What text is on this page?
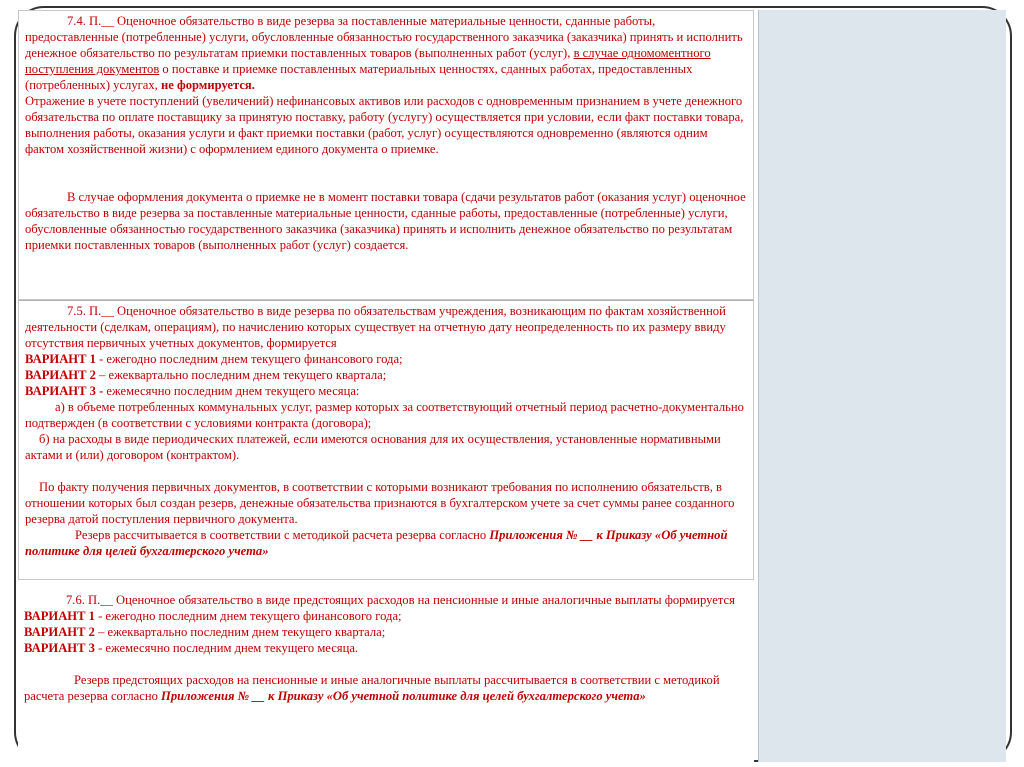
7.4. П.__ Оценочное обязательство в виде резерва за поставленные материальные ценности, сданные работы, предоставленные (потребленные) услуги, обусловленные обязанностью государственного заказчика (заказчика) принять и исполнить денежное обязательство по результатам приемки поставленных товаров (выполненных работ (услуг), в случае одномоментного поступления документов о поставке и приемке поставленных материальных ценностях, сданных работах, предоставленных (потребленных) услугах, не формируется.

Отражение в учете поступлений (увеличений) нефинансовых активов или расходов с одновременным признанием в учете денежного обязательства по оплате поставщику за принятую поставку, работу (услугу) осуществляется при условии, если факт поставки товара, выполнения работы, оказания услуги и факт приемки поставки (работ, услуг) осуществляются одновременно (являются одним фактом хозяйственной жизни) с оформлением единого документа о приемке.

В случае оформления документа о приемке не в момент поставки товара (сдачи результатов работ (оказания услуг) оценочное обязательство в виде резерва за поставленные материальные ценности, сданные работы, предоставленные (потребленные) услуги, обусловленные обязанностью государственного заказчика (заказчика) принять и исполнить денежное обязательство по результатам приемки поставленных товаров (выполненных работ (услуг) создается.

7.5. П.__ Оценочное обязательство в виде резерва по обязательствам учреждения, возникающим по фактам хозяйственной деятельности (сделкам, операциям), по начислению которых существует на отчетную дату неопределенность по их размеру ввиду отсутствия первичных учетных документов, формируется

ВАРИАНТ 1 - ежегодно последним днем текущего финансового года;

ВАРИАНТ 2 – ежеквартально последним днем текущего квартала;

ВАРИАНТ 3 - ежемесячно последним днем текущего месяца:

а) в объеме потребленных коммунальных услуг, размер которых за соответствующий отчетный период расчетно-документально подтвержден (в соответствии с условиями контракта (договора);

б) на расходы в виде периодических платежей, если имеются основания для их осуществления, установленные нормативными актами и (или) договором (контрактом).

По факту получения первичных документов, в соответствии с которыми возникают требования по исполнению обязательств, в отношении которых был создан резерв, денежные обязательства признаются в бухгалтерском учете за счет суммы ранее созданного резерва датой поступления первичного документа.

Резерв рассчитывается в соответствии с методикой расчета резерва согласно Приложения № __ к Приказу «Об учетной политике для целей бухгалтерского учета»

7.6. П.__ Оценочное обязательство в виде предстоящих расходов на пенсионные и иные аналогичные выплаты формируется

ВАРИАНТ 1 - ежегодно последним днем текущего финансового года;

ВАРИАНТ 2 – ежеквартально последним днем текущего квартала;

ВАРИАНТ 3 - ежемесячно последним днем текущего месяца.

Резерв предстоящих расходов на пенсионные и иные аналогичные выплаты рассчитывается в соответствии с методикой расчета резерва согласно Приложения № __ к Приказу «Об учетной политике для целей бухгалтерского учета»
